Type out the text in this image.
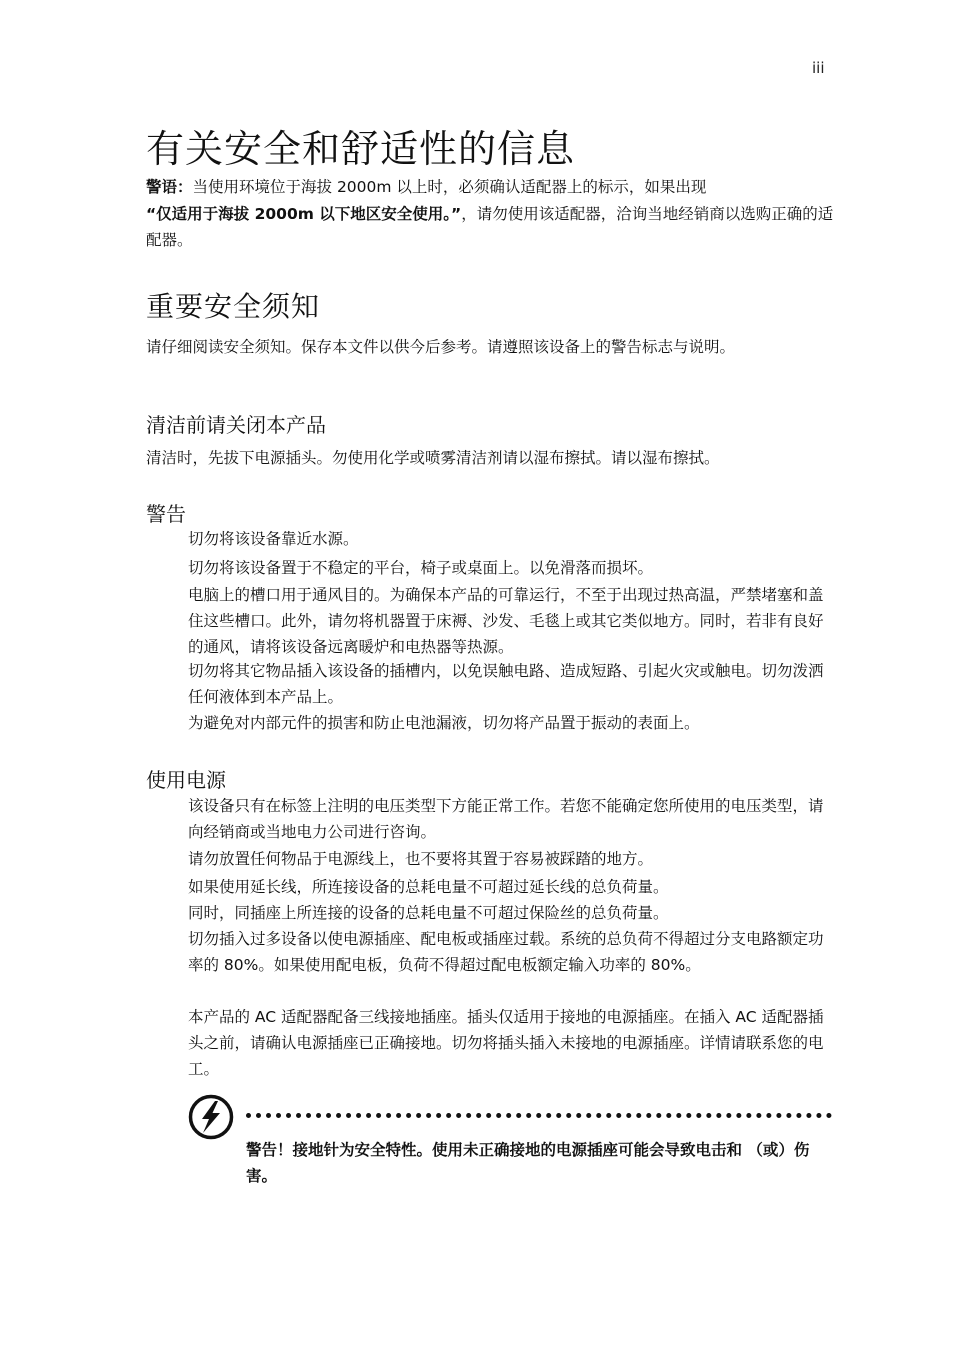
iii
有关安全和舒适性的信息

警语：当使用环境位于海拔 2000m 以上时，必须确认适配器上的标示，如果出现
“仅适用于海拔 2000m 以下地区安全使用。”，请勿使用该适配器，洽询当地经销商以选购正确的适配器。

重要安全须知

请仔细阅读安全须知。保存本文件以供今后参考。请遵照该设备上的警告标志与说明。

清洁前请关闭本产品

清洁时，先拔下电源插头。勿使用化学或喷雾清洁剂请以湿布擦拭。请以湿布擦拭。

警告

切勿将该设备靠近水源。

切勿将该设备置于不稳定的平台，椅子或桌面上。以免滑落而损坏。

电脑上的槽口用于通风目的。为确保本产品的可靠运行，不至于出现过热高温，严禁堵塞和盖住这些槽口。此外，请勿将机器置于床褥、沙发、毛毯上或其它类似地方。同时，若非有良好的通风，请将该设备远离暖炉和电热器等热源。

切勿将其它物品插入该设备的插槽内，以免误触电路、造成短路、引起火灾或触电。切勿泼洒任何液体到本产品上。

为避免对内部元件的损害和防止电池漏液，切勿将产品置于振动的表面上。

使用电源

该设备只有在标签上注明的电压类型下方能正常工作。若您不能确定您所使用的电压类型，请向经销商或当地电力公司进行咨询。

请勿放置任何物品于电源线上，也不要将其置于容易被踩踏的地方。

如果使用延长线，所连接设备的总耗电量不可超过延长线的总负荷量。

同时，同插座上所连接的设备的总耗电量不可超过保险丝的总负荷量。

切勿插入过多设备以使电源插座、配电板或插座过载。系统的总负荷不得超过分支电路额定功率的 80%。如果使用配电板，负荷不得超过配电板额定输入功率的 80%。

本产品的 AC 适配器配备三线接地插座。插头仅适用于接地的电源插座。在插入 AC 适配器插头之前，请确认电源插座已正确接地。切勿将插头插入未接地的电源插座。详情请联系您的电工。

警告！接地针为安全特性。使用未正确接地的电源插座可能会导致电击和 （或）伤害。
